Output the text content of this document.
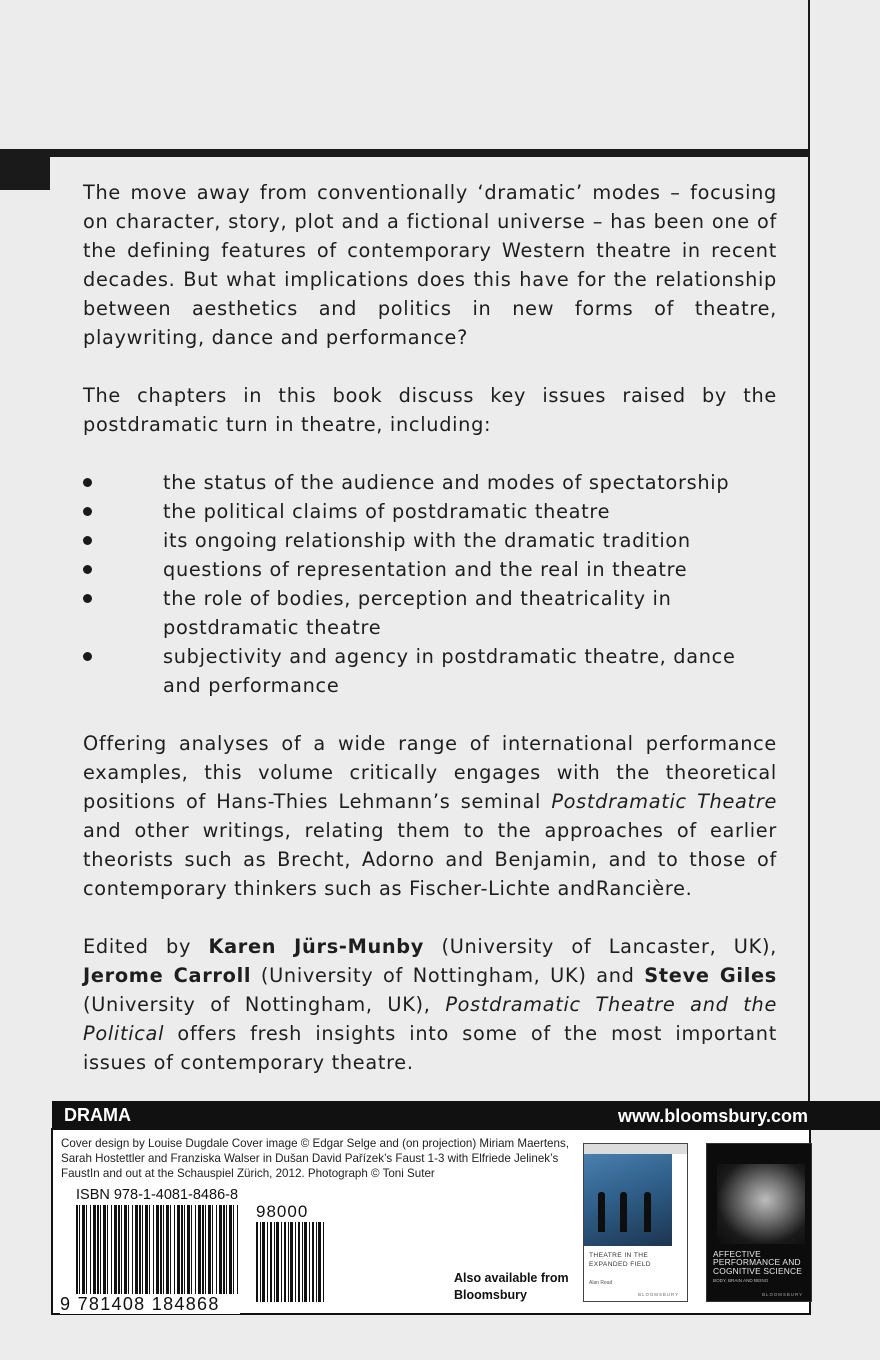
The move away from conventionally ‘dramatic’ modes – focusing on character, story, plot and a fictional universe – has been one of the defining features of contemporary Western theatre in recent decades. But what implications does this have for the relationship between aesthetics and politics in new forms of theatre, playwriting, dance and performance?

The chapters in this book discuss key issues raised by the postdramatic turn in theatre, including:

the status of the audience and modes of spectatorship
the political claims of postdramatic theatre
its ongoing relationship with the dramatic tradition
questions of representation and the real in theatre
the role of bodies, perception and theatricality in postdramatic theatre
subjectivity and agency in postdramatic theatre, dance and performance

Offering analyses of a wide range of international performance examples, this volume critically engages with the theoretical positions of Hans-Thies Lehmann’s seminal Postdramatic Theatre and other writings, relating them to the approaches of earlier theorists such as Brecht, Adorno and Benjamin, and to those of contemporary thinkers such as Fischer-Lichte andRancière.

Edited by Karen Jürs-Munby (University of Lancaster, UK), Jerome Carroll (University of Nottingham, UK) and Steve Giles (University of Nottingham, UK), Postdramatic Theatre and the Political offers fresh insights into some of the most important issues of contemporary theatre.

DRAMA	www.bloomsbury.com
Cover design by Louise Dugdale Cover image © Edgar Selge and (on projection) Miriam Maertens, Sarah Hostettler and Franziska Walser in Dušan David Pařízek’s Faust 1-3 with Elfriede Jelinek’s FaustIn and out at the Schauspiel Zürich, 2012. Photograph © Toni Suter
ISBN 978-1-4081-8486-8
98000
9 781408 184868
Also available from Bloomsbury
THEATRE IN THE EXPANDED FIELD
Alan Read
BLOOMSBURY
AFFECTIVE PERFORMANCE AND COGNITIVE SCIENCE
BODY, BRAIN AND BEING
BLOOMSBURY
